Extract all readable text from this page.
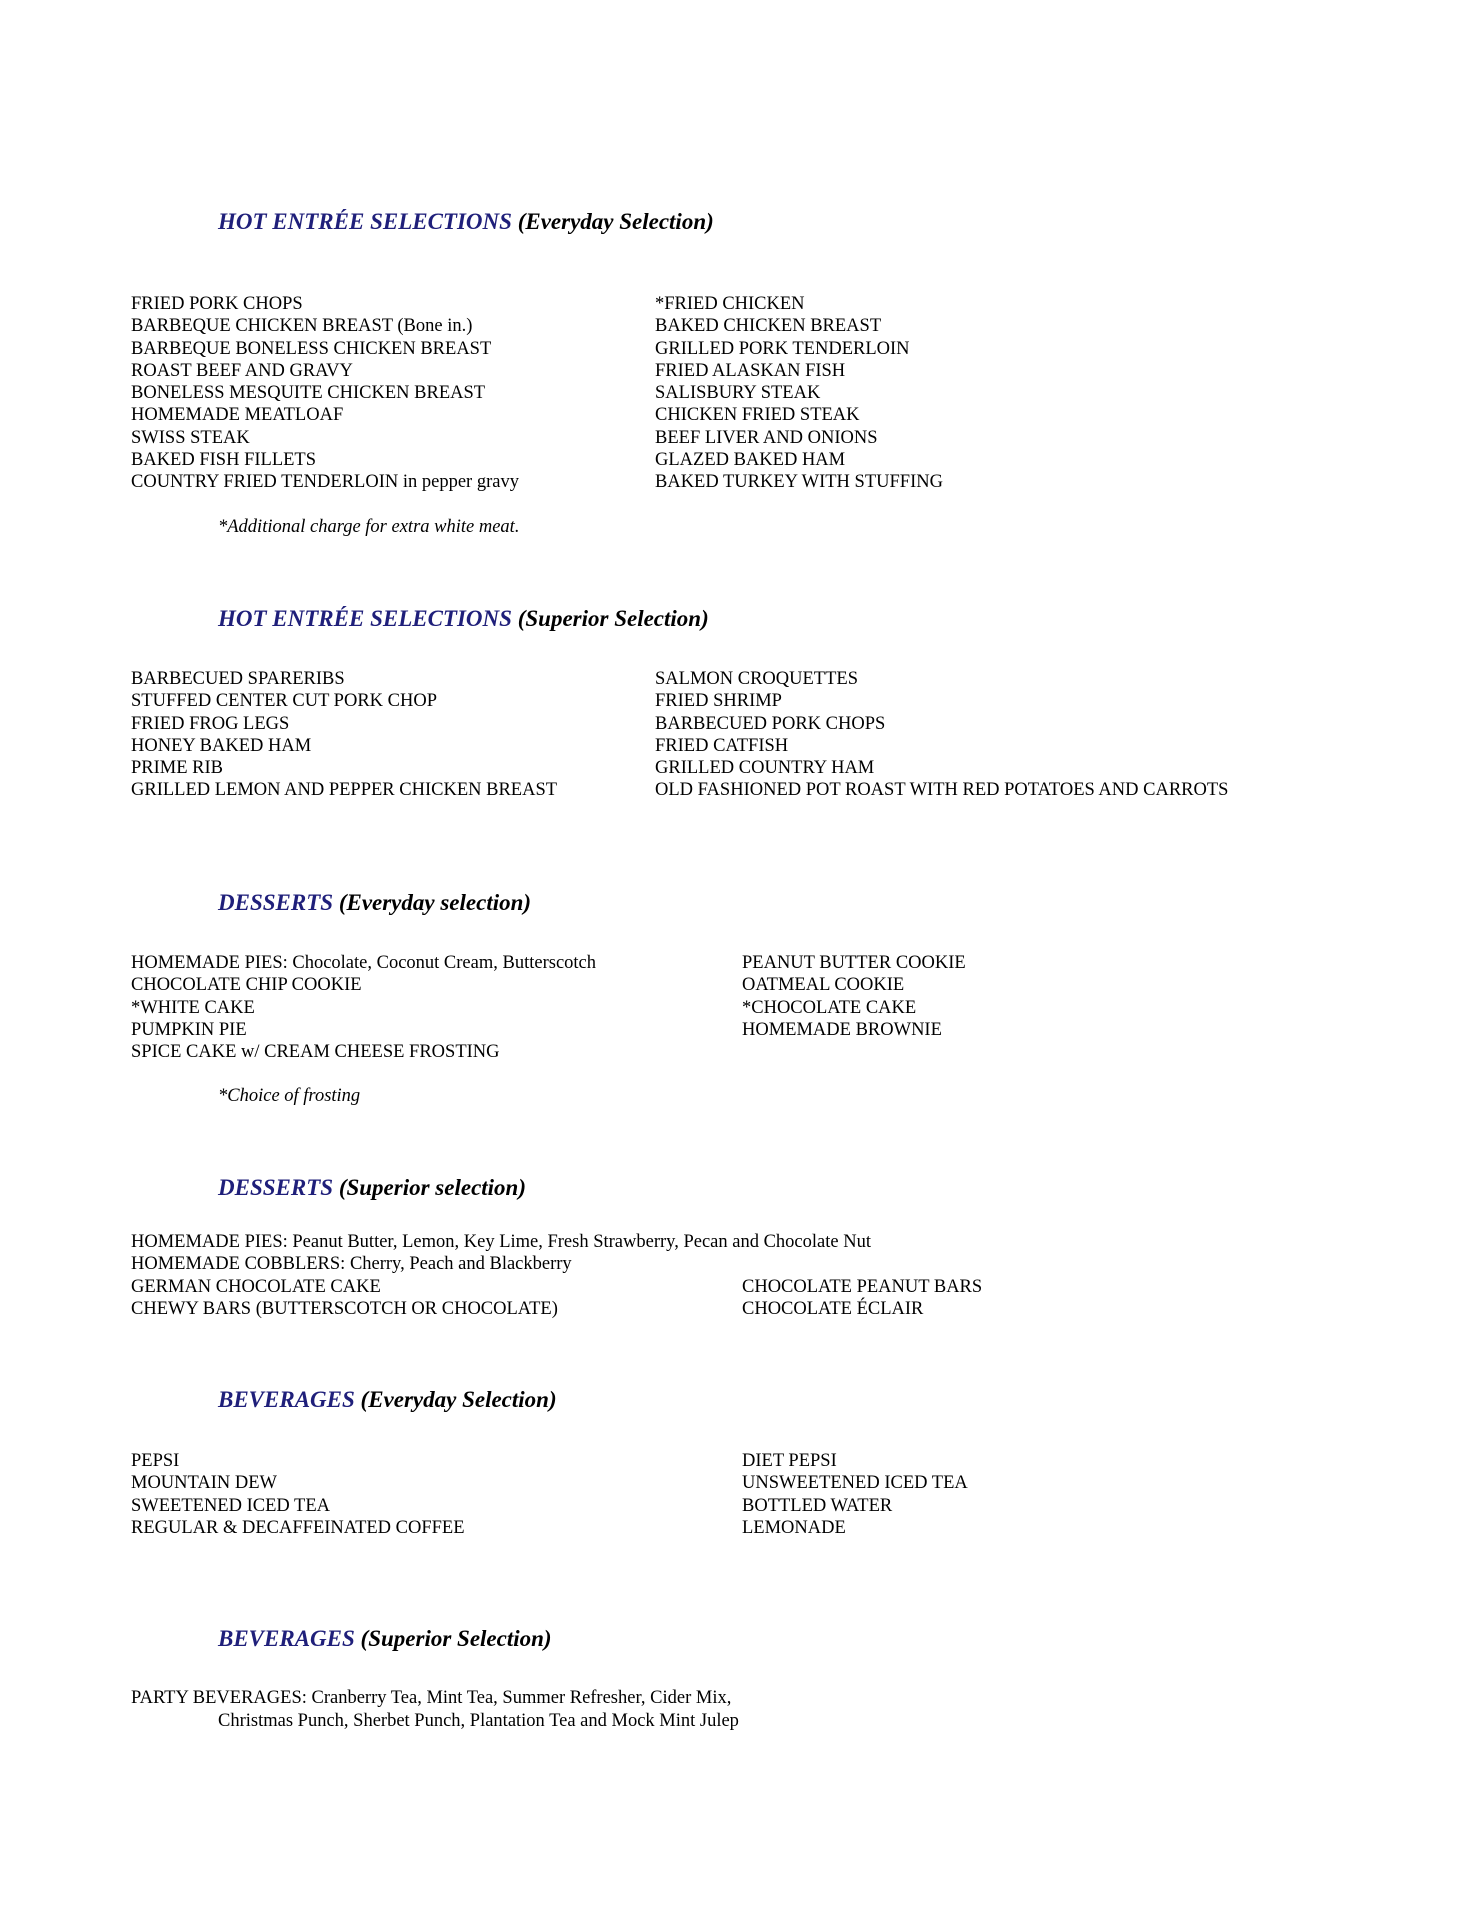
HOT ENTRÉE SELECTIONS (Everyday Selection)
FRIED PORK CHOPS
BARBEQUE CHICKEN BREAST (Bone in.)
BARBEQUE BONELESS CHICKEN BREAST
ROAST BEEF AND GRAVY
BONELESS MESQUITE CHICKEN BREAST
HOMEMADE MEATLOAF
SWISS STEAK
BAKED FISH FILLETS
COUNTRY FRIED TENDERLOIN in pepper gravy
*FRIED CHICKEN
BAKED CHICKEN BREAST
GRILLED PORK TENDERLOIN
FRIED ALASKAN FISH
SALISBURY STEAK
CHICKEN FRIED STEAK
BEEF LIVER AND ONIONS
GLAZED BAKED HAM
BAKED TURKEY WITH STUFFING
*Additional charge for extra white meat.
HOT ENTRÉE SELECTIONS (Superior Selection)
BARBECUED SPARERIBS
STUFFED CENTER CUT PORK CHOP
FRIED FROG LEGS
HONEY BAKED HAM
PRIME RIB
GRILLED LEMON AND PEPPER CHICKEN BREAST
SALMON CROQUETTES
FRIED SHRIMP
BARBECUED PORK CHOPS
FRIED CATFISH
GRILLED COUNTRY HAM
OLD FASHIONED POT ROAST WITH RED POTATOES AND CARROTS
DESSERTS (Everyday selection)
HOMEMADE PIES: Chocolate, Coconut Cream, Butterscotch
CHOCOLATE CHIP COOKIE
*WHITE CAKE
PUMPKIN PIE
SPICE CAKE w/ CREAM CHEESE FROSTING
PEANUT BUTTER COOKIE
OATMEAL COOKIE
*CHOCOLATE CAKE
HOMEMADE BROWNIE
*Choice of frosting
DESSERTS (Superior selection)
HOMEMADE PIES: Peanut Butter, Lemon, Key Lime, Fresh Strawberry, Pecan and Chocolate Nut
HOMEMADE COBBLERS: Cherry, Peach and Blackberry
GERMAN CHOCOLATE CAKE
CHEWY BARS (BUTTERSCOTCH OR CHOCOLATE)
CHOCOLATE PEANUT BARS
CHOCOLATE ÉCLAIR
BEVERAGES (Everyday Selection)
PEPSI
MOUNTAIN DEW
SWEETENED ICED TEA
REGULAR & DECAFFEINATED COFFEE
DIET PEPSI
UNSWEETENED ICED TEA
BOTTLED WATER
LEMONADE
BEVERAGES (Superior Selection)
PARTY BEVERAGES: Cranberry Tea, Mint Tea, Summer Refresher, Cider Mix,
Christmas Punch, Sherbet Punch, Plantation Tea and Mock Mint Julep
